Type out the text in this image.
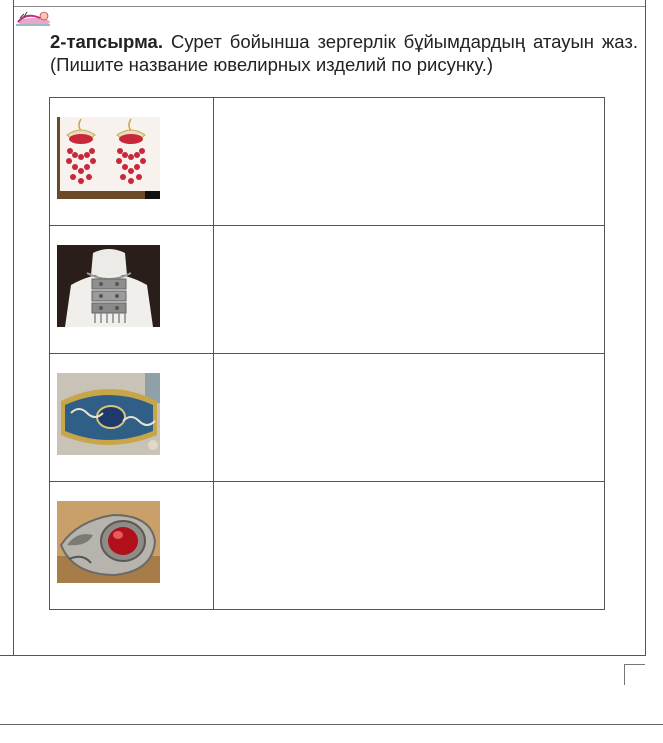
2-тапсырма. Сурет бойынша зергерлік бұйымдардың атауын жаз. (Пишите название ювелирных изделий по рисунку.)
